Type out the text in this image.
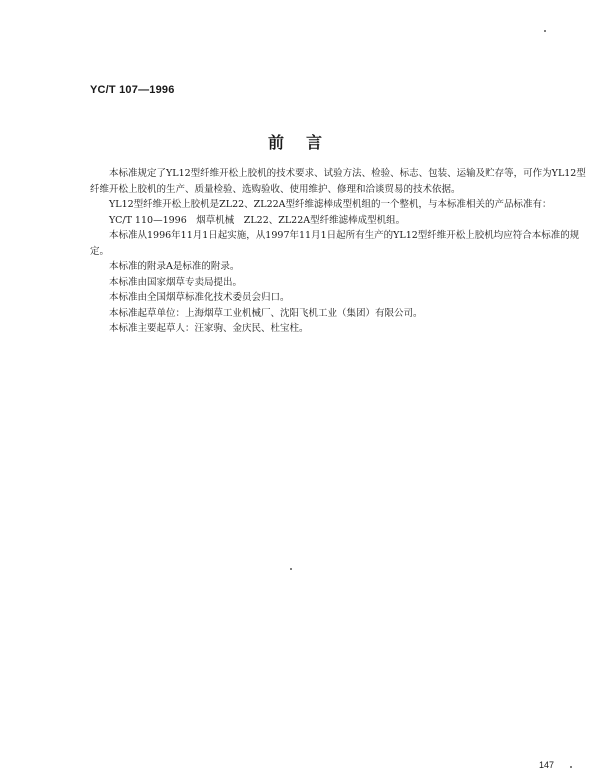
YC/T 107—1996
前言

本标准规定了YL12型纤维开松上胶机的技术要求、试验方法、检验、标志、包装、运输及贮存等，可作为YL12型纤维开松上胶机的生产、质量检验、选购验收、使用维护、修理和洽谈贸易的技术依据。

YL12型纤维开松上胶机是ZL22、ZL22A型纤维滤棒成型机组的一个整机，与本标准相关的产品标准有：

YC/T 110—1996　烟草机械　ZL22、ZL22A型纤维滤棒成型机组。

本标准从1996年11月1日起实施，从1997年11月1日起所有生产的YL12型纤维开松上胶机均应符合本标准的规定。

本标准的附录A是标准的附录。

本标准由国家烟草专卖局提出。

本标准由全国烟草标准化技术委员会归口。

本标准起草单位：上海烟草工业机械厂、沈阳飞机工业（集团）有限公司。

本标准主要起草人：汪家驹、金庆民、杜宝柱。

147
